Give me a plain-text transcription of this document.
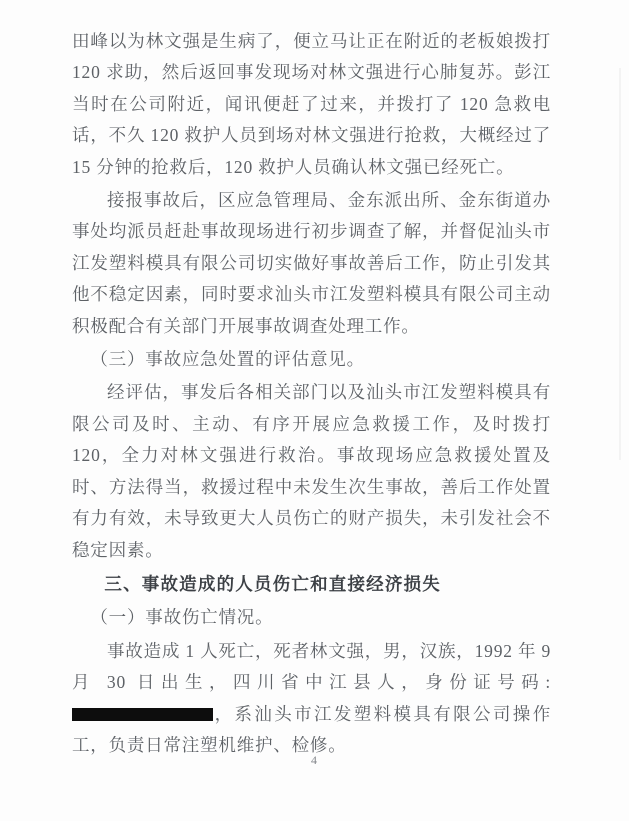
田峰以为林文强是生病了，便立马让正在附近的老板娘拨打 120 求助，然后返回事发现场对林文强进行心肺复苏。彭江当时在公司附近，闻讯便赶了过来，并拨打了 120 急救电话，不久 120 救护人员到场对林文强进行抢救，大概经过了 15 分钟的抢救后，120 救护人员确认林文强已经死亡。

接报事故后，区应急管理局、金东派出所、金东街道办事处均派员赶赴事故现场进行初步调查了解，并督促汕头市江发塑料模具有限公司切实做好事故善后工作，防止引发其他不稳定因素，同时要求汕头市江发塑料模具有限公司主动积极配合有关部门开展事故调查处理工作。

（三）事故应急处置的评估意见。

经评估，事发后各相关部门以及汕头市江发塑料模具有限公司及时、主动、有序开展应急救援工作，及时拨打 120，全力对林文强进行救治。事故现场应急救援处置及时、方法得当，救援过程中未发生次生事故，善后工作处置有力有效，未导致更大人员伤亡的财产损失，未引发社会不稳定因素。

三、事故造成的人员伤亡和直接经济损失

（一）事故伤亡情况。

事故造成 1 人死亡，死者林文强，男，汉族，1992 年 9 月 30 日出生，四川省中江县人，身份证号码: ，系汕头市江发塑料模具有限公司操作工，负责日常注塑机维护、检修。

4
